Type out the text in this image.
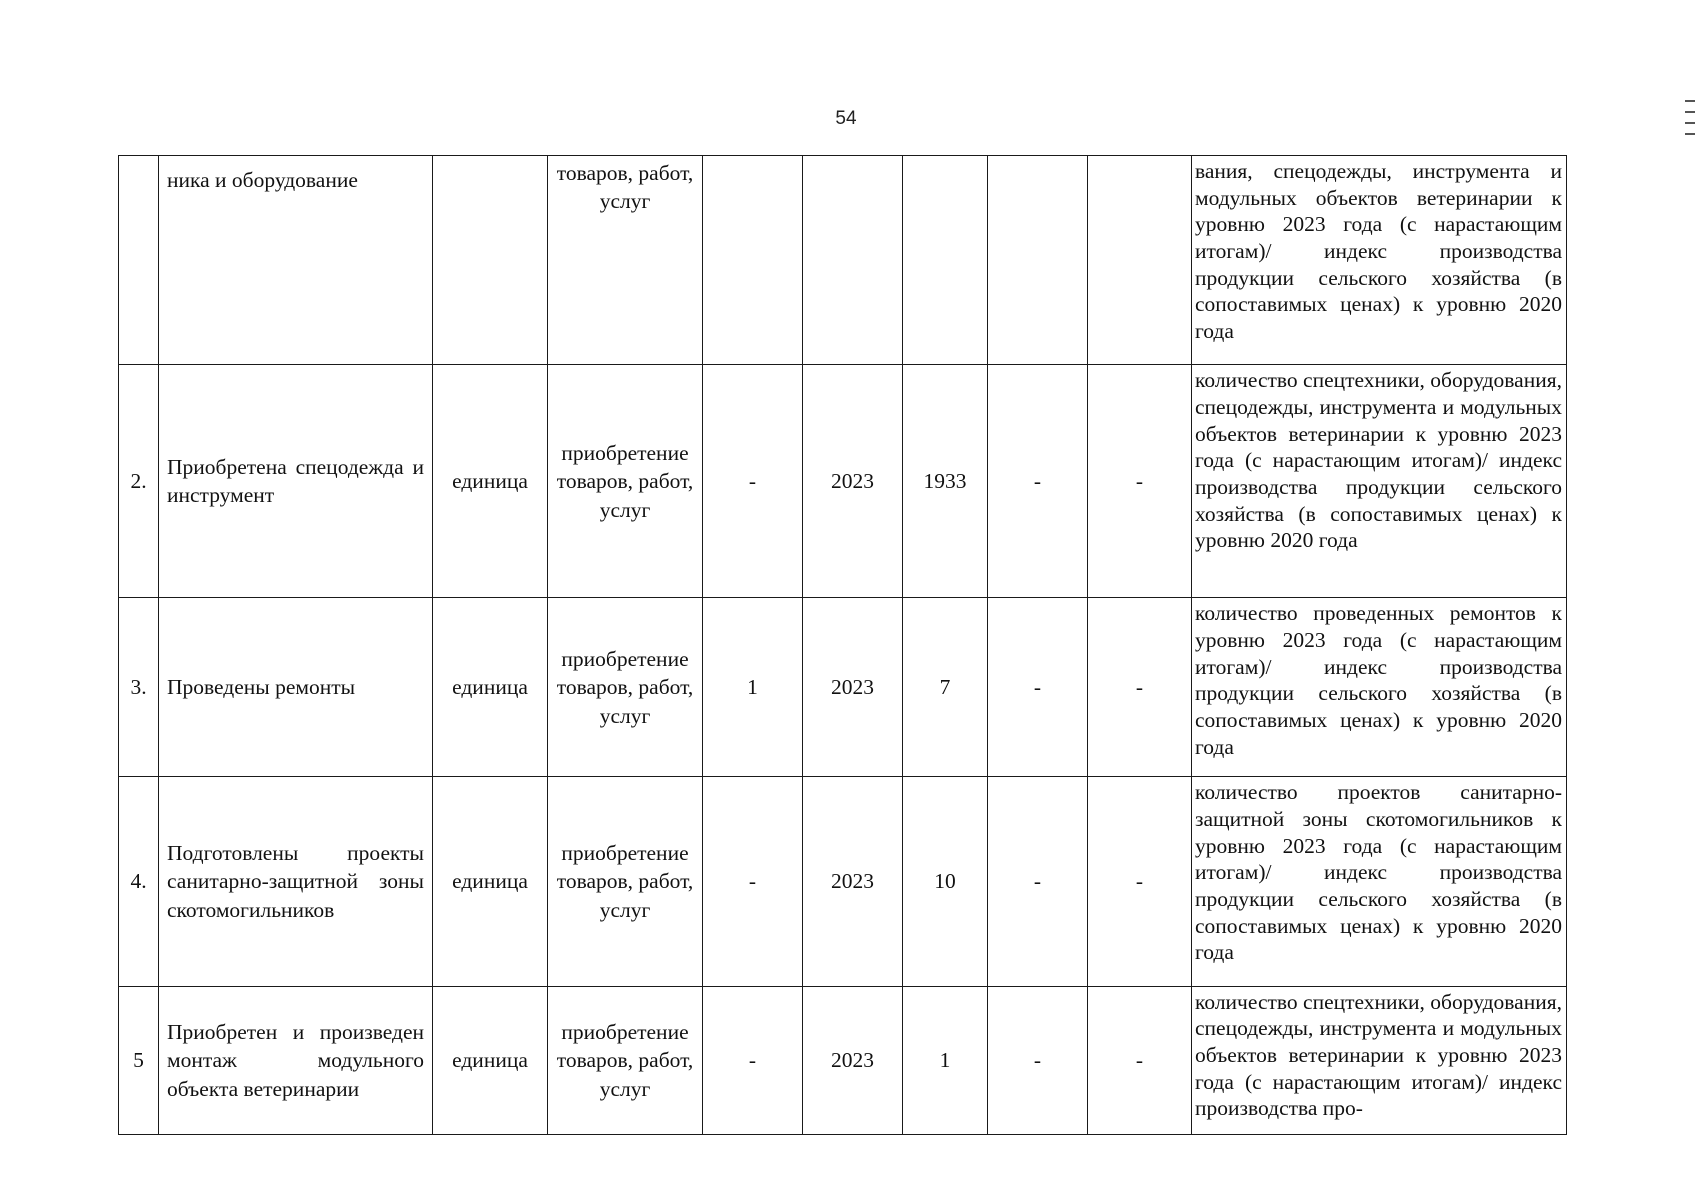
54
	ника и оборудование		товаров, работ, услуг						вания, спецодежды, инструмента и модульных объектов ветеринарии к уровню 2023 года (с нарастающим итогам)/ индекс производства продукции сельского хозяйства (в сопоставимых ценах) к уровню 2020 года
2.	Приобретена спецодежда и инструмент	единица	приобретение товаров, работ, услуг	-	2023	1933	-	-	количество спецтехники, оборудования, спецодежды, инструмента и модульных объектов ветеринарии к уровню 2023 года (с нарастающим итогам)/ индекс производства продукции сельского хозяйства (в сопоставимых ценах) к уровню 2020 года
3.	Проведены ремонты	единица	приобретение товаров, работ, услуг	1	2023	7	-	-	количество проведенных ремонтов к уровню 2023 года (с нарастающим итогам)/ индекс производства продукции сельского хозяйства (в сопоставимых ценах) к уровню 2020 года
4.	Подготовлены проекты санитарно-защитной зоны скотомогильников	единица	приобретение товаров, работ, услуг	-	2023	10	-	-	количество проектов санитарно-защитной зоны скотомогильников к уровню 2023 года (с нарастающим итогам)/ индекс производства продукции сельского хозяйства (в сопоставимых ценах) к уровню 2020 года
5	Приобретен и произведен монтаж модульного объекта ветеринарии	единица	приобретение товаров, работ, услуг	-	2023	1	-	-	количество спецтехники, оборудования, спецодежды, инструмента и модульных объектов ветеринарии к уровню 2023 года (с нарастающим итогам)/ индекс производства про-
